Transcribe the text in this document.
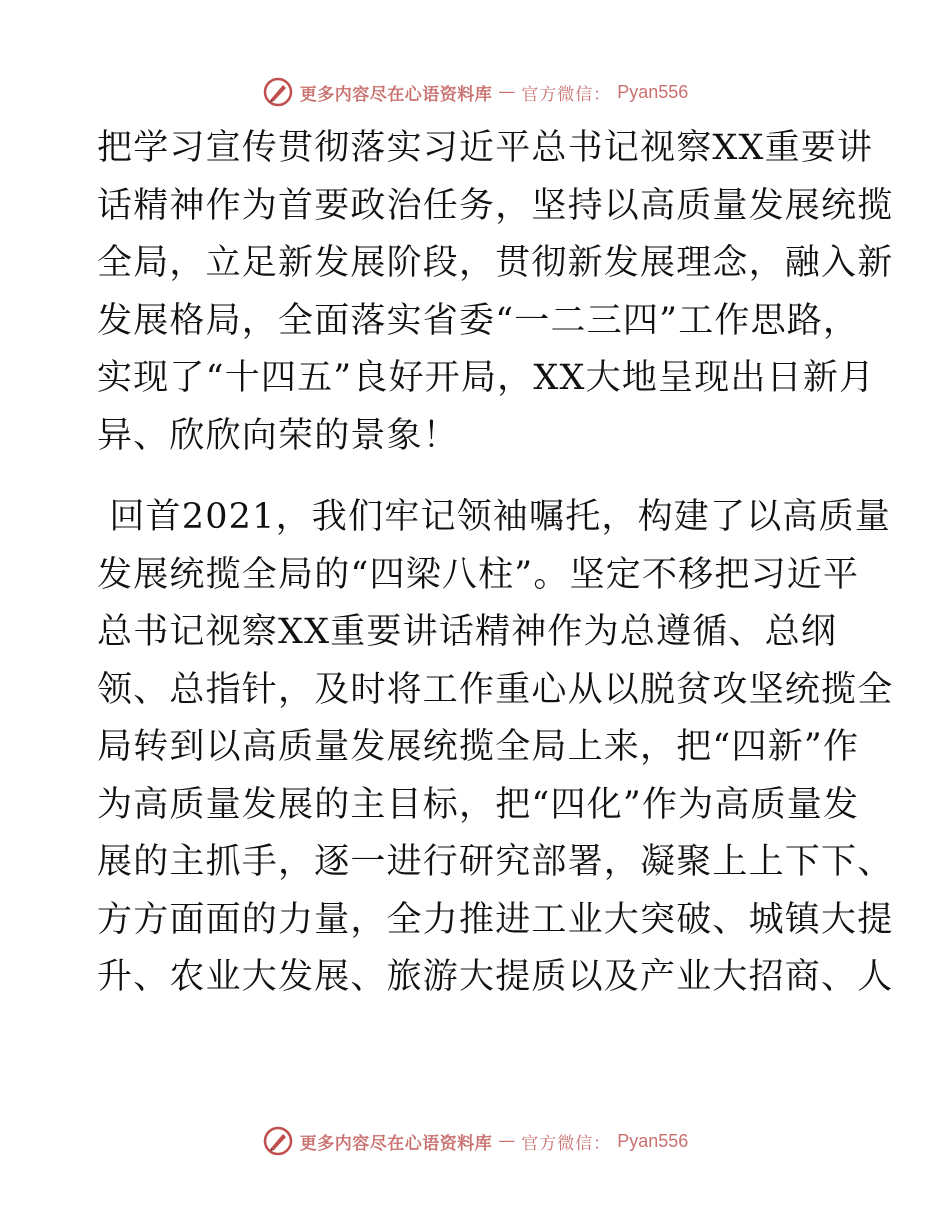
更多内容尽在心语资料库 — 官方微信： Pyan556

把学习宣传贯彻落实习近平总书记视察XX重要讲
话精神作为首要政治任务，坚持以高质量发展统揽
全局，立足新发展阶段，贯彻新发展理念，融入新
发展格局，全面落实省委“一二三四”工作思路，
实现了“十四五”良好开局，XX大地呈现出日新月
异、欣欣向荣的景象！

回首2021，我们牢记领袖嘱托，构建了以高质量
发展统揽全局的“四梁八柱”。坚定不移把习近平
总书记视察XX重要讲话精神作为总遵循、总纲
领、总指针，及时将工作重心从以脱贫攻坚统揽全
局转到以高质量发展统揽全局上来，把“四新”作
为高质量发展的主目标，把“四化”作为高质量发
展的主抓手，逐一进行研究部署，凝聚上上下下、
方方面面的力量，全力推进工业大突破、城镇大提
升、农业大发展、旅游大提质以及产业大招商、人

更多内容尽在心语资料库 — 官方微信： Pyan556
